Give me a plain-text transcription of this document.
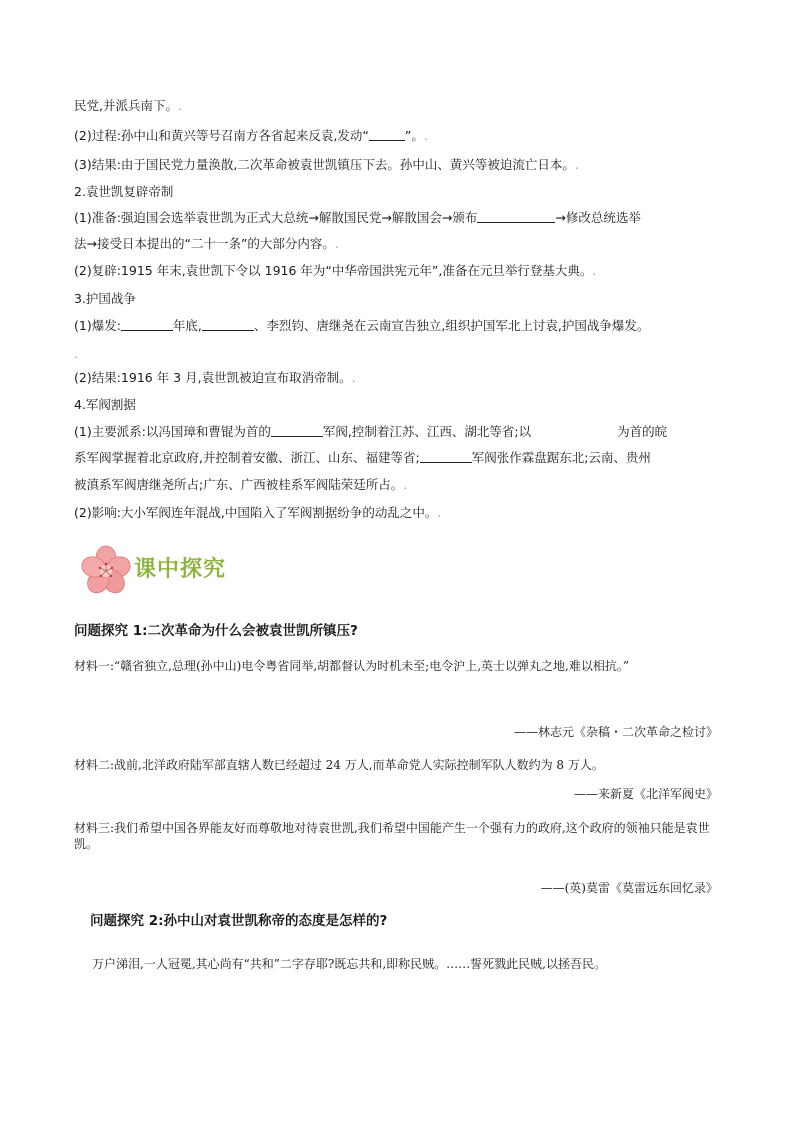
民党,并派兵南下。.
(2)过程:孙中山和黄兴等号召南方各省起来反袁,发动“	”。.
(3)结果:由于国民党力量涣散,二次革命被袁世凯镇压下去。孙中山、黄兴等被迫流亡日本。.
2.袁世凯复辟帝制
(1)准备:强迫国会选举袁世凯为正式大总统→解散国民党→解散国会→颁布	→修改总统选举
法→接受日本提出的“二十一条”的大部分内容。.
(2)复辟:1915 年末,袁世凯下令以 1916 年为“中华帝国洪宪元年”,准备在元旦举行登基大典。.
3.护国战争
(1)爆发:	年底,	、李烈钧、唐继尧在云南宣告独立,组织护国军北上讨袁,护国战争爆发。
.
(2)结果:1916 年 3 月,袁世凯被迫宣布取消帝制。.
4.军阀割据
(1)主要派系:以冯国璋和曹锟为首的	军阀,控制着江苏、江西、湖北等省;以	为首的皖
系军阀掌握着北京政府,并控制着安徽、浙江、山东、福建等省;	军阀张作霖盘踞东北;云南、贵州
被滇系军阀唐继尧所占;广东、广西被桂系军阀陆荣廷所占。.
(2)影响:大小军阀连年混战,中国陷入了军阀割据纷争的动乱之中。.
课中探究
问题探究 1:二次革命为什么会被袁世凯所镇压?
材料一:“赣省独立,总理(孙中山)电令粤省同举,胡都督认为时机未至;电令沪上,英士以弹丸之地,难以相抗。”
——林志元《杂稿・二次革命之检讨》
材料二:战前,北洋政府陆军部直辖人数已经超过 24 万人,而革命党人实际控制军队人数约为 8 万人。
——来新夏《北洋军阀史》
材料三:我们希望中国各界能友好而尊敬地对待袁世凯,我们希望中国能产生一个强有力的政府,这个政府的领袖只能是袁世凯。
——(英)莫雷《莫雷远东回忆录》
问题探究 2:孙中山对袁世凯称帝的态度是怎样的?
万户涕泪,一人冠冕,其心尚有“共和”二字存耶?既忘共和,即称民贼。……誓死戮此民贼,以拯吾民。
